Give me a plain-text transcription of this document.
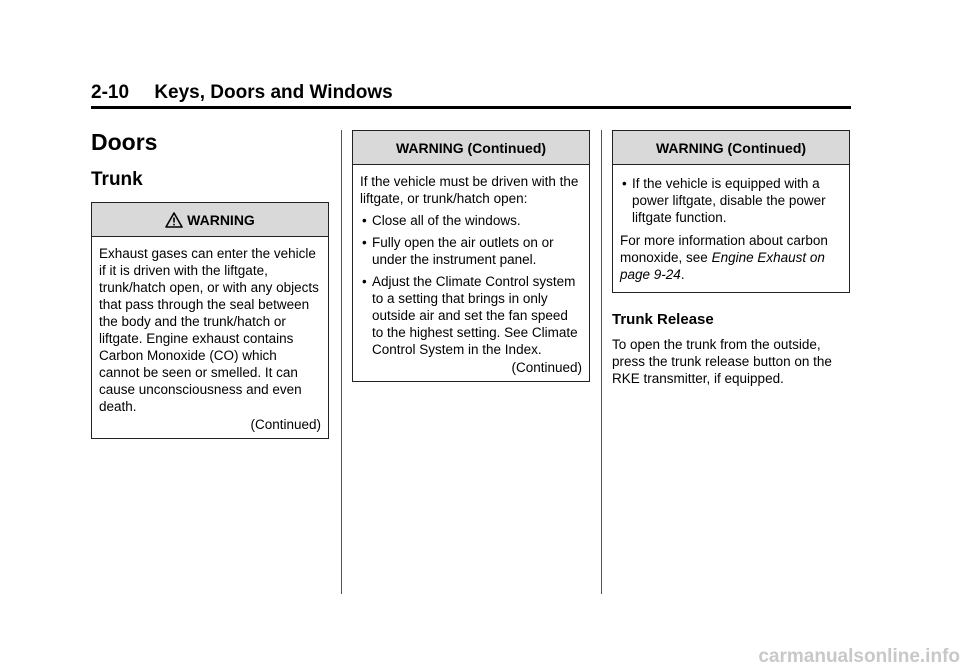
2-10 Keys, Doors and Windows
Doors
Trunk
WARNING

Exhaust gases can enter the vehicle if it is driven with the liftgate, trunk/hatch open, or with any objects that pass through the seal between the body and the trunk/hatch or liftgate. Engine exhaust contains Carbon Monoxide (CO) which cannot be seen or smelled. It can cause unconsciousness and even death.

(Continued)
WARNING (Continued)

If the vehicle must be driven with the liftgate, or trunk/hatch open:

• Close all of the windows.
• Fully open the air outlets on or under the instrument panel.
• Adjust the Climate Control system to a setting that brings in only outside air and set the fan speed to the highest setting. See Climate Control System in the Index.
(Continued)
WARNING (Continued)
• If the vehicle is equipped with a power liftgate, disable the power liftgate function.

For more information about carbon monoxide, see Engine Exhaust on page 9-24.

Trunk Release

To open the trunk from the outside, press the trunk release button on the RKE transmitter, if equipped.

carmanualsonline.info
